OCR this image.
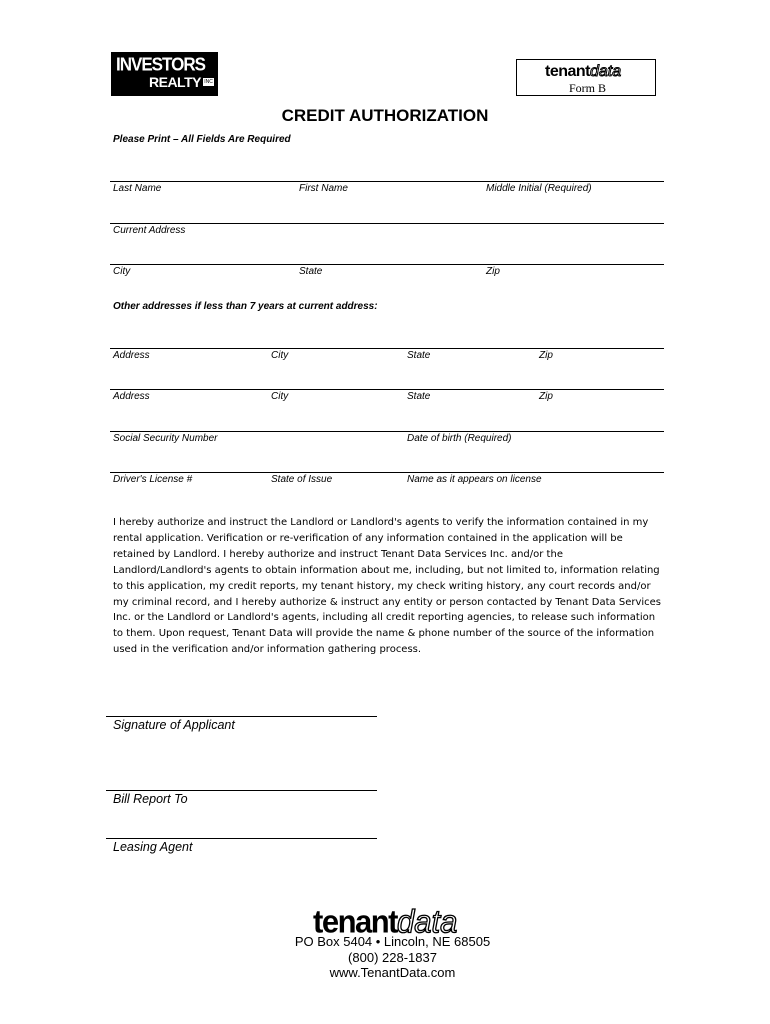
INVESTORS
REALTY INC
tenantdata
Form B
CREDIT AUTHORIZATION
Please Print – All Fields Are Required
Last Name	First Name	Middle Initial (Required)
Current Address
City	State	Zip
Other addresses if less than 7 years at current address:
Address	City	State	Zip
Address	City	State	Zip
Social Security Number	Date of birth (Required)
Driver's License #	State of Issue	Name as it appears on license
I hereby authorize and instruct the Landlord or Landlord's agents to verify the information contained in my rental application. Verification or re-verification of any information contained in the application will be retained by Landlord. I hereby authorize and instruct Tenant Data Services Inc. and/or the Landlord/Landlord's agents to obtain information about me, including, but not limited to, information relating to this application, my credit reports, my tenant history, my check writing history, any court records and/or my criminal record, and I hereby authorize & instruct any entity or person contacted by Tenant Data Services Inc. or the Landlord or Landlord's agents, including all credit reporting agencies, to release such information to them. Upon request, Tenant Data will provide the name & phone number of the source of the information used in the verification and/or information gathering process.
Signature of Applicant
Bill Report To
Leasing Agent
tenantdata
PO Box 5404 • Lincoln, NE 68505
(800) 228-1837
www.TenantData.com
